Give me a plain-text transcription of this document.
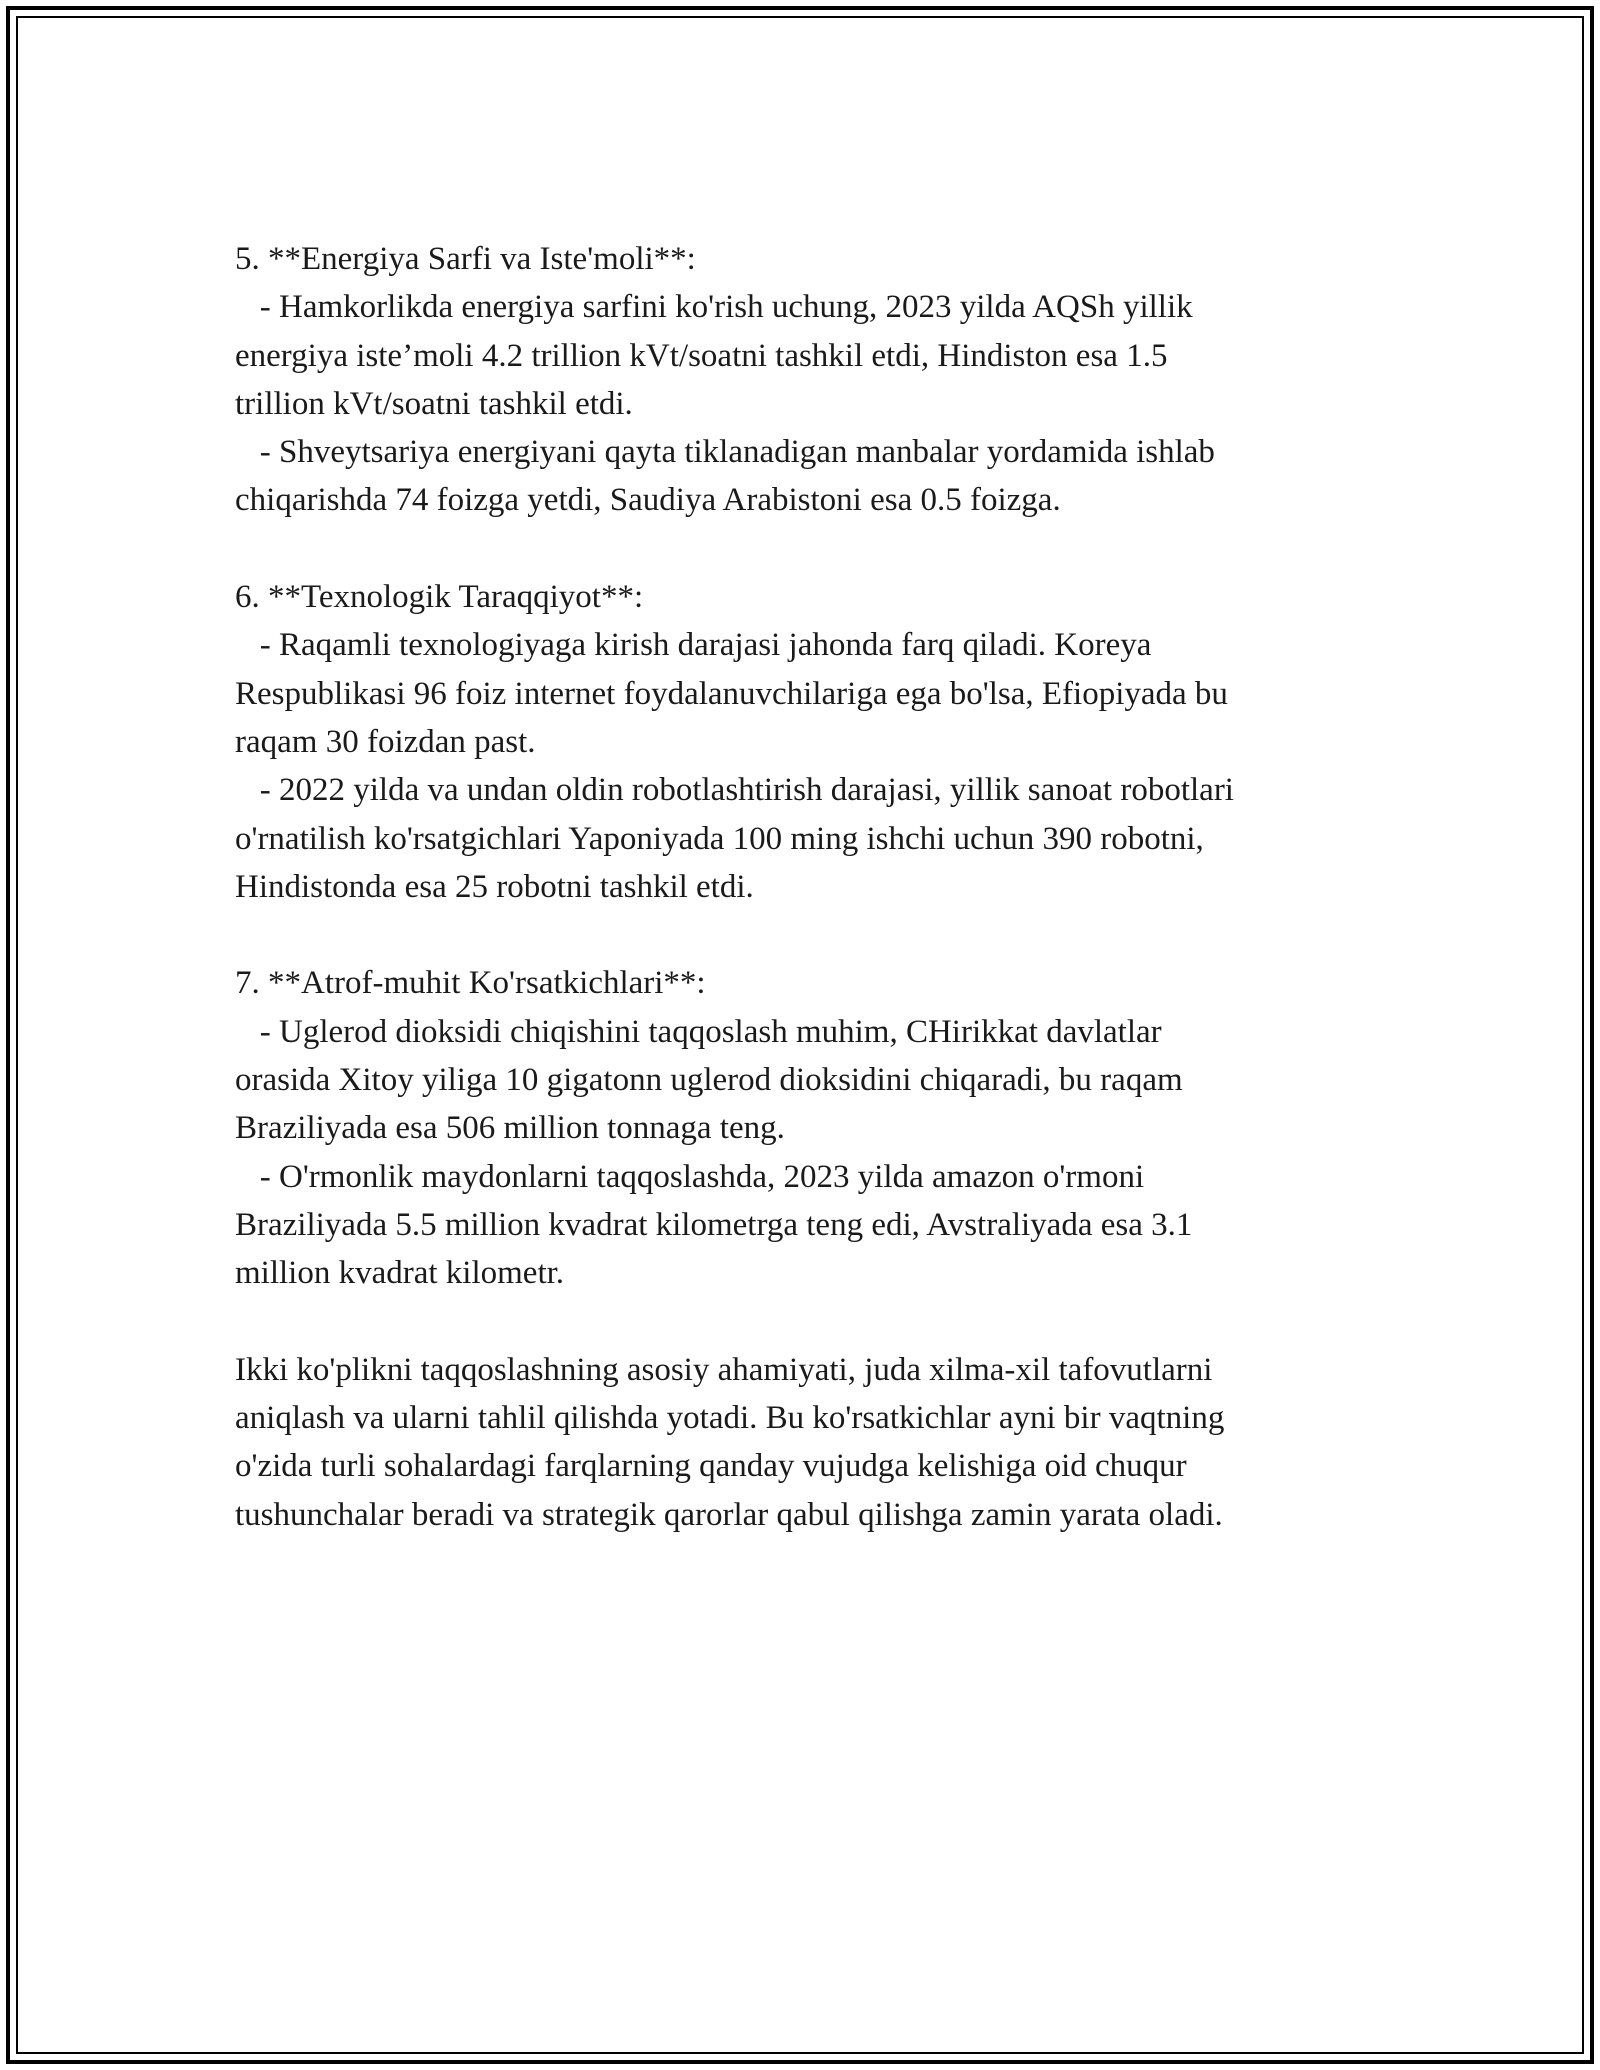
5. **Energiya Sarfi va Iste'moli**:
- Hamkorlikda energiya sarfini ko'rish uchung, 2023 yilda AQSh yillik
energiya iste’moli 4.2 trillion kVt/soatni tashkil etdi, Hindiston esa 1.5
trillion kVt/soatni tashkil etdi.
- Shveytsariya energiyani qayta tiklanadigan manbalar yordamida ishlab
chiqarishda 74 foizga yetdi, Saudiya Arabistoni esa 0.5 foizga.
6. **Texnologik Taraqqiyot**:
- Raqamli texnologiyaga kirish darajasi jahonda farq qiladi. Koreya
Respublikasi 96 foiz internet foydalanuvchilariga ega bo'lsa, Efiopiyada bu
raqam 30 foizdan past.
- 2022 yilda va undan oldin robotlashtirish darajasi, yillik sanoat robotlari
o'rnatilish ko'rsatgichlari Yaponiyada 100 ming ishchi uchun 390 robotni,
Hindistonda esa 25 robotni tashkil etdi.
7. **Atrof-muhit Ko'rsatkichlari**:
- Uglerod dioksidi chiqishini taqqoslash muhim, CHirikkat davlatlar
orasida Xitoy yiliga 10 gigatonn uglerod dioksidini chiqaradi, bu raqam
Braziliyada esa 506 million tonnaga teng.
- O'rmonlik maydonlarni taqqoslashda, 2023 yilda amazon o'rmoni
Braziliyada 5.5 million kvadrat kilometrga teng edi, Avstraliyada esa 3.1
million kvadrat kilometr.
Ikki ko'plikni taqqoslashning asosiy ahamiyati, juda xilma-xil tafovutlarni
aniqlash va ularni tahlil qilishda yotadi. Bu ko'rsatkichlar ayni bir vaqtning
o'zida turli sohalardagi farqlarning qanday vujudga kelishiga oid chuqur
tushunchalar beradi va strategik qarorlar qabul qilishga zamin yarata oladi.
